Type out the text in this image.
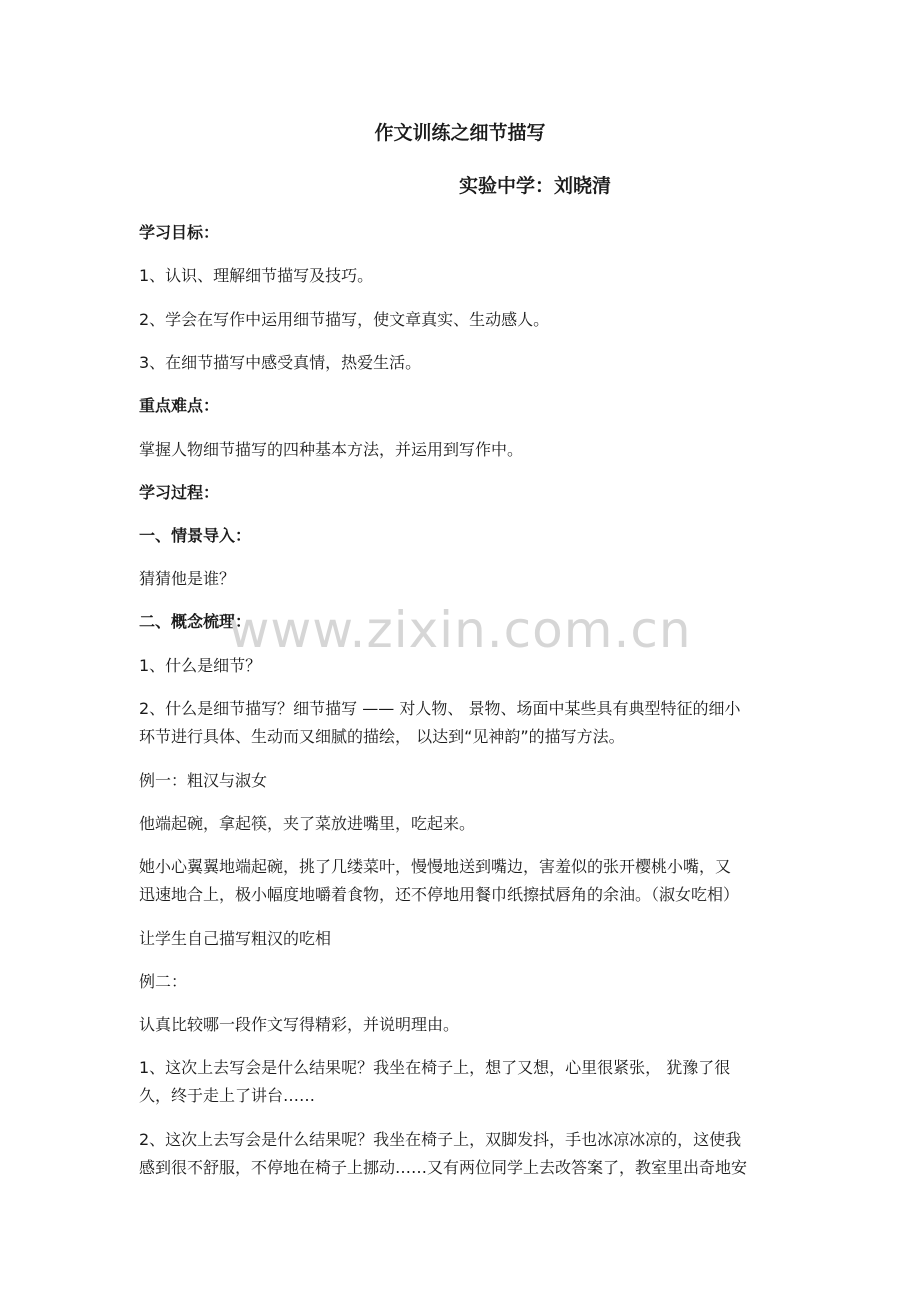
作文训练之细节描写
实验中学：刘晓清
学习目标：
1、认识、理解细节描写及技巧。
2、学会在写作中运用细节描写，使文章真实、生动感人。
3、在细节描写中感受真情，热爱生活。
重点难点：
掌握人物细节描写的四种基本方法，并运用到写作中。
学习过程：
一、情景导入：
猜猜他是谁？
二、概念梳理：
1、什么是细节？
2、什么是细节描写？细节描写 —— 对人物、 景物、场面中某些具有典型特征的细小
环节进行具体、生动而又细腻的描绘， 以达到“见神韵”的描写方法。
例一：粗汉与淑女
他端起碗，拿起筷，夹了菜放进嘴里，吃起来。
她小心翼翼地端起碗，挑了几缕菜叶，慢慢地送到嘴边，害羞似的张开樱桃小嘴，又
迅速地合上，极小幅度地嚼着食物，还不停地用餐巾纸擦拭唇角的余油。（淑女吃相）
让学生自己描写粗汉的吃相
例二：
认真比较哪一段作文写得精彩，并说明理由。
1、这次上去写会是什么结果呢？我坐在椅子上，想了又想，心里很紧张， 犹豫了很
久，终于走上了讲台……
2、这次上去写会是什么结果呢？我坐在椅子上，双脚发抖，手也冰凉冰凉的，这使我
感到很不舒服，不停地在椅子上挪动……又有两位同学上去改答案了，教室里出奇地安
www.zixin.com.cn
